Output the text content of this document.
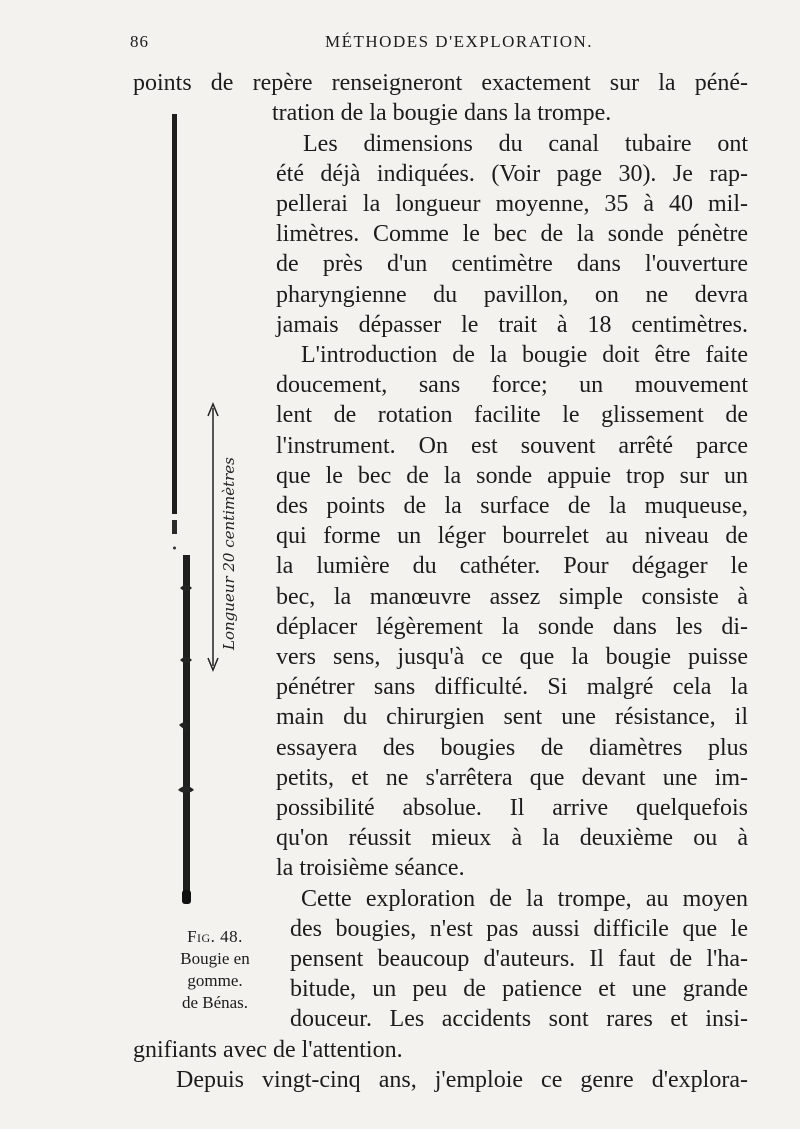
86	MÉTHODES D'EXPLORATION.
points de repère renseigneront exactement sur la péné-
tration de la bougie dans la trompe.
Les dimensions du canal tubaire ont
été déjà indiquées. (Voir page 30). Je rap-
pellerai la longueur moyenne, 35 à 40 mil-
limètres. Comme le bec de la sonde pénètre
de près d'un centimètre dans l'ouverture
pharyngienne du pavillon, on ne devra
jamais dépasser le trait à 18 centimètres.
L'introduction de la bougie doit être faite
doucement, sans force; un mouvement
lent de rotation facilite le glissement de
l'instrument. On est souvent arrêté parce
que le bec de la sonde appuie trop sur un
des points de la surface de la muqueuse,
qui forme un léger bourrelet au niveau de
la lumière du cathéter. Pour dégager le
bec, la manœuvre assez simple consiste à
déplacer légèrement la sonde dans les di-
vers sens, jusqu'à ce que la bougie puisse
pénétrer sans difficulté. Si malgré cela la
main du chirurgien sent une résistance, il
essayera des bougies de diamètres plus
petits, et ne s'arrêtera que devant une im-
possibilité absolue. Il arrive quelquefois
qu'on réussit mieux à la deuxième ou à
la troisième séance.
Cette exploration de la trompe, au moyen
des bougies, n'est pas aussi difficile que le
pensent beaucoup d'auteurs. Il faut de l'ha-
bitude, un peu de patience et une grande
douceur. Les accidents sont rares et insi-
gnifiants avec de l'attention.
Depuis vingt-cinq ans, j'emploie ce genre d'explora-
Longueur 20 centimètres
Fig. 48.
Bougie en
gomme.
de Bénas.
